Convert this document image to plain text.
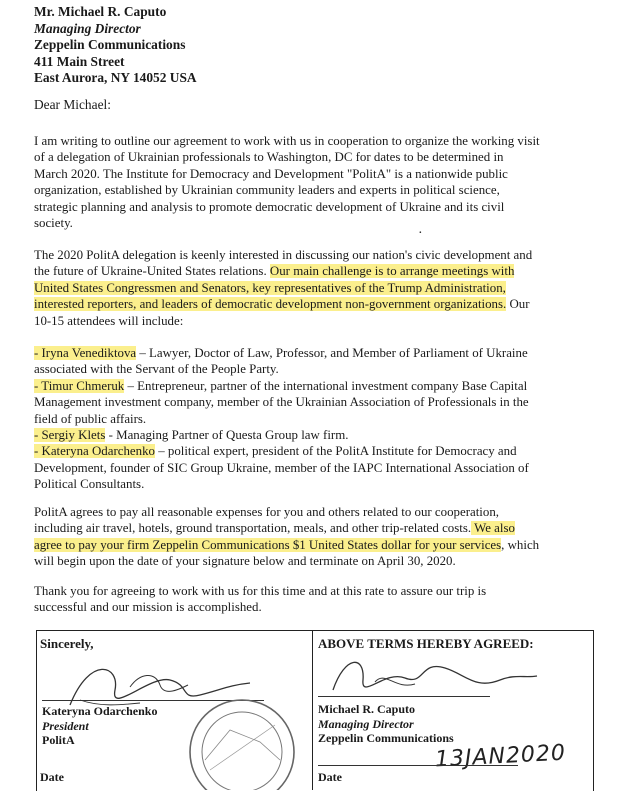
Mr. Michael R. Caputo
Managing Director
Zeppelin Communications
411 Main Street
East Aurora, NY 14052 USA
Dear Michael:
I am writing to outline our agreement to work with us in cooperation to organize the working visit
of a delegation of Ukrainian professionals to Washington, DC for dates to be determined in
March 2020. The Institute for Democracy and Development "PolitA" is a nationwide public
organization, established by Ukrainian community leaders and experts in political science,
strategic planning and analysis to promote democratic development of Ukraine and its civil
society.
·
The 2020 PolitA delegation is keenly interested in discussing our nation's civic development and
the future of Ukraine-United States relations. Our main challenge is to arrange meetings with
United States Congressmen and Senators, key representatives of the Trump Administration,
interested reporters, and leaders of democratic development non-government organizations. Our
10-15 attendees will include:
- Iryna Venediktova – Lawyer, Doctor of Law, Professor, and Member of Parliament of Ukraine
associated with the Servant of the People Party.
- Timur Chmeruk – Entrepreneur, partner of the international investment company Base Capital
Management investment company, member of the Ukrainian Association of Professionals in the
field of public affairs.
- Sergiy Klets - Managing Partner of Questa Group law firm.
- Kateryna Odarchenko – political expert, president of the PolitA Institute for Democracy and
Development, founder of SIC Group Ukraine, member of the IAPC International Association of
Political Consultants.
PolitA agrees to pay all reasonable expenses for you and others related to our cooperation,
including air travel, hotels, ground transportation, meals, and other trip-related costs. We also
agree to pay your firm Zeppelin Communications $1 United States dollar for your services, which
will begin upon the date of your signature below and terminate on April 30, 2020.
Thank you for agreeing to work with us for this time and at this rate to assure our trip is
successful and our mission is accomplished.
Sincerely,
Kateryna Odarchenko
President
PolitA
Date
ABOVE TERMS HEREBY AGREED:
Michael R. Caputo
Managing Director
Zeppelin Communications
13JAN2020
Date
